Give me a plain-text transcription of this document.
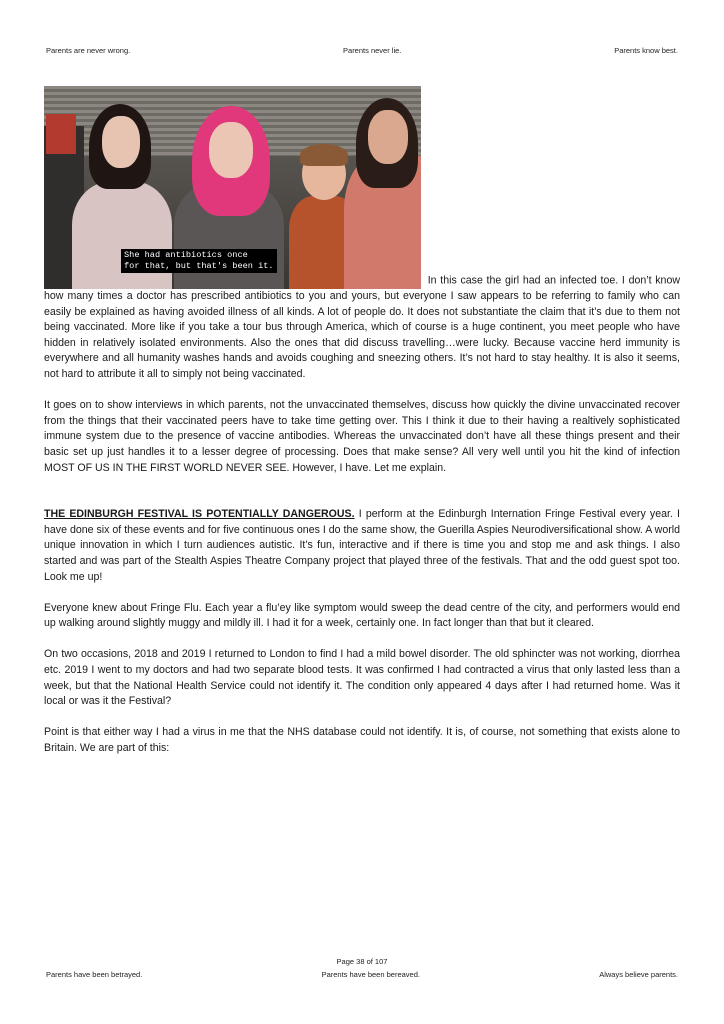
Parents are never wrong.	Parents never lie.	Parents know best.

She had antibiotics once
for that, but that's been it.
In this case the girl had an infected toe. I don’t know how many times a doctor has prescribed antibiotics to you and yours, but everyone I saw appears to be referring to family who can easily be explained as having avoided illness of all kinds. A lot of people do. It does not substantiate the claim that it’s due to them not being vaccinated. More like if you take a tour bus through America, which of course is a huge continent, you meet people who have hidden in relatively isolated environments. Also the ones that did discuss travelling…were lucky. Because vaccine herd immunity is everywhere and all humanity washes hands and avoids coughing and sneezing others. It’s not hard to stay healthy. It is also it seems, not hard to attribute it all to simply not being vaccinated.

It goes on to show interviews in which parents, not the unvaccinated themselves, discuss how quickly the divine unvaccinated recover from the things that their vaccinated peers have to take time getting over. This I think it due to their having a realtively sophisticated immune system due to the presence of vaccine antibodies. Whereas the unvaccinated don’t have all these things present and their basic set up just handles it to a lesser degree of processing. Does that make sense? All very well until you hit the kind of infection MOST OF US IN THE FIRST WORLD NEVER SEE. However, I have. Let me explain.

THE EDINBURGH FESTIVAL IS POTENTIALLY DANGEROUS. I perform at the Edinburgh Internation Fringe Festival every year. I have done six of these events and for five continuous ones I do the same show, the Guerilla Aspies Neurodiversificational show. A world unique innovation in which I turn audiences autistic. It’s fun, interactive and if there is time you and stop me and ask things. I also started and was part of the Stealth Aspies Theatre Company project that played three of the festivals. That and the odd guest spot too. Look me up!

Everyone knew about Fringe Flu. Each year a flu’ey like symptom would sweep the dead centre of the city, and performers would end up walking around slightly muggy and mildly ill. I had it for a week, certainly one. In fact longer than that but it cleared.

On two occasions, 2018 and 2019 I returned to London to find I had a mild bowel disorder. The old sphincter was not working, diorrhea etc. 2019 I went to my doctors and had two separate blood tests. It was confirmed I had contracted a virus that only lasted less than a week, but that the National Health Service could not identify it. The condition only appeared 4 days after I had returned home. Was it local or was it the Festival?

Point is that either way I had a virus in me that the NHS database could not identify. It is, of course, not something that exists alone to Britain. We are part of this:

Page 38 of 107
Parents have been betrayed.	Parents have been bereaved.	Always believe parents.
